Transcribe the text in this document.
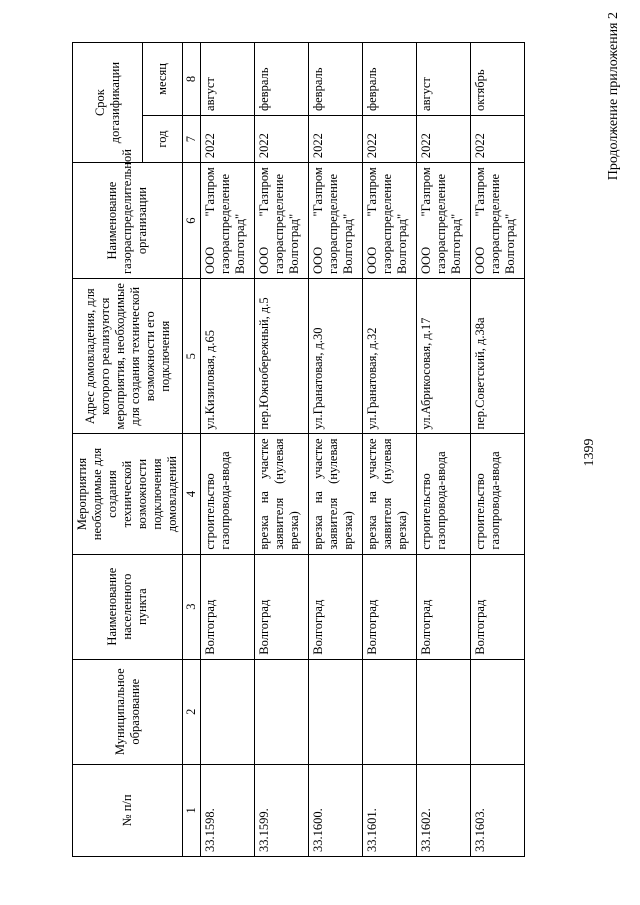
1399
Продолжение приложения 2
№ п/п	Муниципальное образование	Наименование населенного пункта	Мероприятия необходимые для создания технической возможности подключения домовладений	Адрес домовладения, для которого реализуются мероприятия, необходимые для создания технической возможности его подключения	Наименование газораспределительной организации	Срок догазификации	
						год	месяц
1	2	3	4	5	6	7	8
33.1598.		Волгоград	строительство газопровода-ввода	ул.Кизиловая, д.65	ООО "Газпром газораспределение Волгоград"	2022	август
33.1599.		Волгоград	врезка на участке заявителя (нулевая врезка)	пер.Южнобережный, д.5	ООО "Газпром газораспределение Волгоград"	2022	февраль
33.1600.		Волгоград	врезка на участке заявителя (нулевая врезка)	ул.Гранатовая, д.30	ООО "Газпром газораспределение Волгоград"	2022	февраль
33.1601.		Волгоград	врезка на участке заявителя (нулевая врезка)	ул.Гранатовая, д.32	ООО "Газпром газораспределение Волгоград"	2022	февраль
33.1602.		Волгоград	строительство газопровода-ввода	ул.Абрикосовая, д.17	ООО "Газпром газораспределение Волгоград"	2022	август
33.1603.		Волгоград	строительство газопровода-ввода	пер.Советский, д.38а	ООО "Газпром газораспределение Волгоград"	2022	октябрь
